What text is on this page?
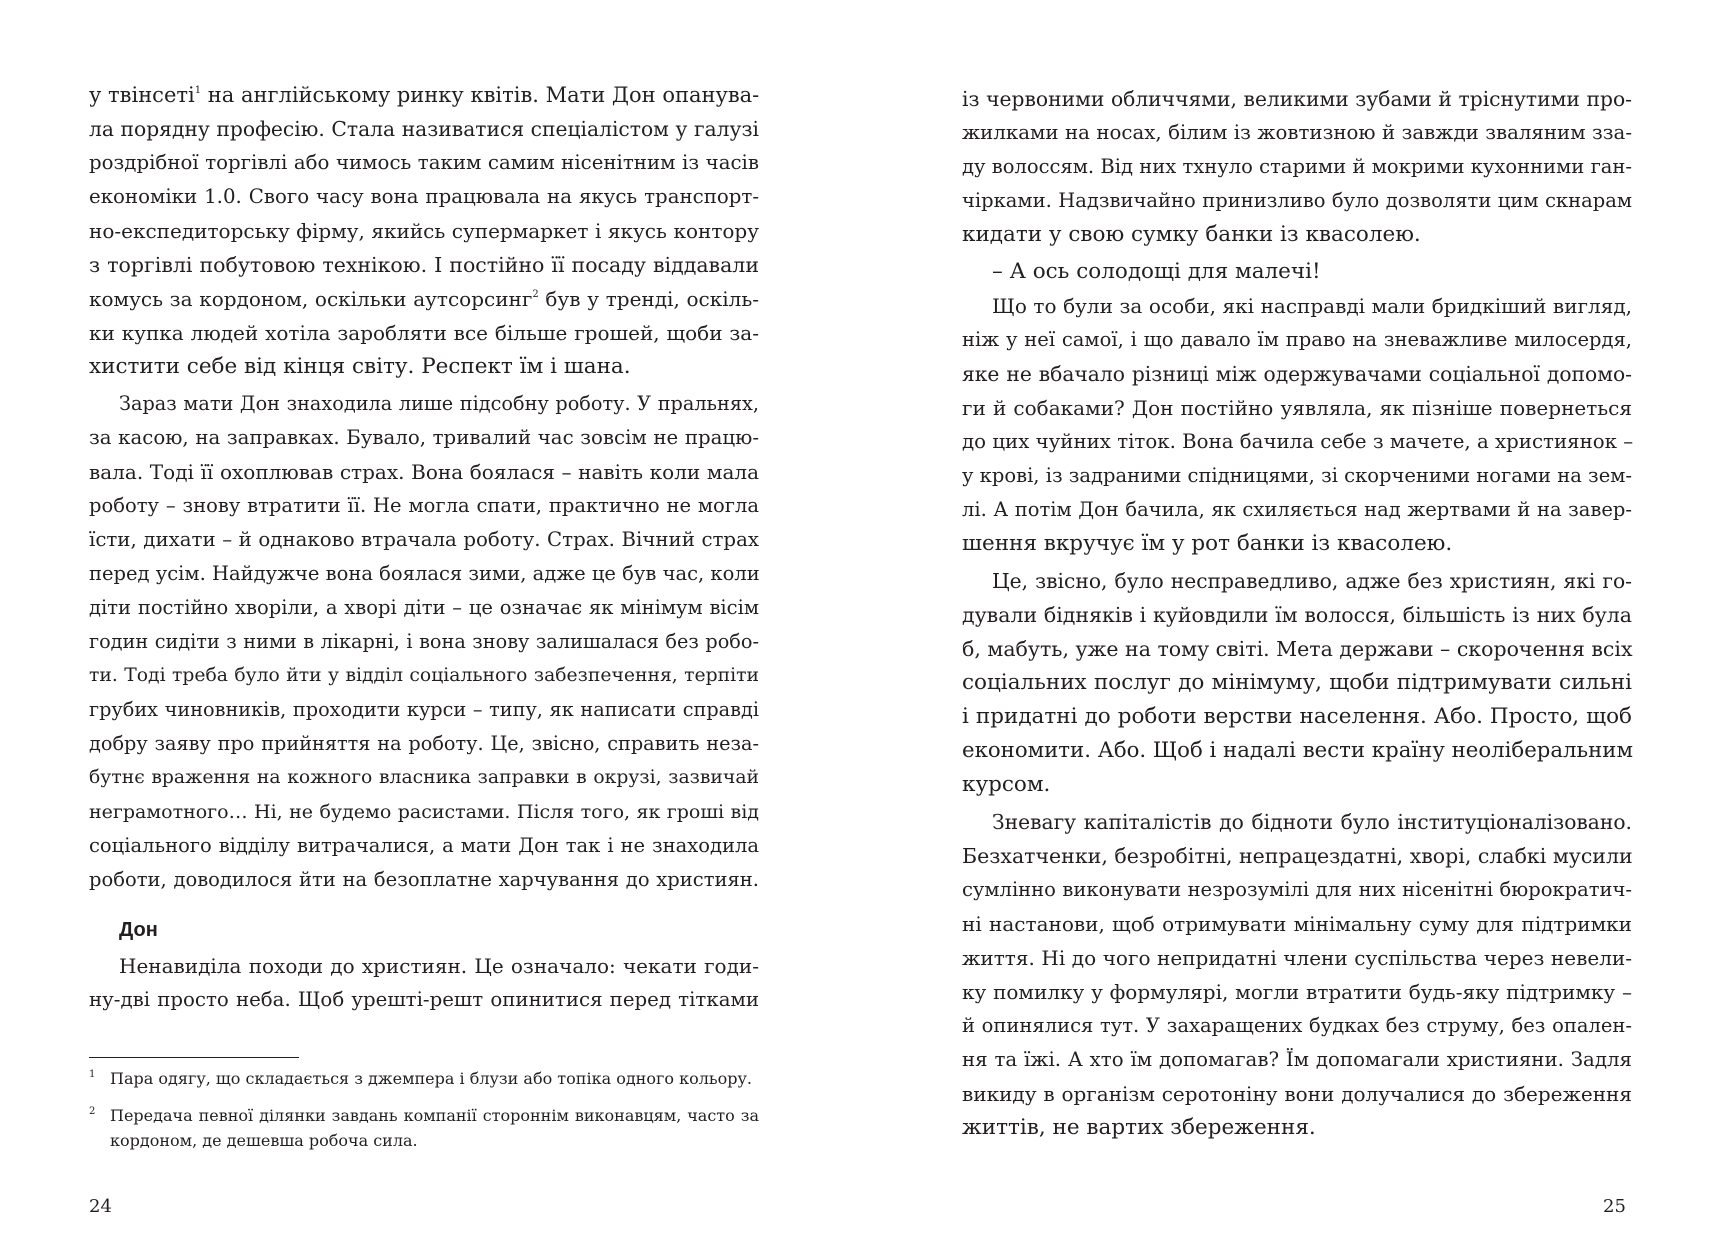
у твінсеті$^1$ на англійському ринку квітів. Мати Дон опанува-
ла порядну професію. Стала називатися спеціалістом у галузі
роздрібної торгівлі або чимось таким самим нісенітним із часів
економіки 1.0. Свого часу вона працювала на якусь транспорт-
но-експедиторську фірму, якийсь супермаркет і якусь контору
з торгівлі побутовою технікою. І постійно її посаду віддавали
комусь за кордоном, оскільки аутсорсинг$^2$ був у тренді, оскіль-
ки купка людей хотіла заробляти все більше грошей, щоби за-
хистити себе від кінця світу. Респект їм і шана.
Зараз мати Дон знаходила лише підсобну роботу. У пральнях,
за касою, на заправках. Бувало, тривалий час зовсім не працю-
вала. Тоді її охоплював страх. Вона боялася – навіть коли мала
роботу – знову втратити її. Не могла спати, практично не могла
їсти, дихати – й однаково втрачала роботу. Страх. Вічний страх
перед усім. Найдужче вона боялася зими, адже це був час, коли
діти постійно хворіли, а хворі діти – це означає як мінімум вісім
годин сидіти з ними в лікарні, і вона знову залишалася без робо-
ти. Тоді треба було йти у відділ соціального забезпечення, терпіти
грубих чиновників, проходити курси – типу, як написати справді
добру заяву про прийняття на роботу. Це, звісно, справить неза-
бутнє враження на кожного власника заправки в окрузі, зазвичай
неграмотного… Ні, не будемо расистами. Після того, як гроші від
соціального відділу витрачалися, а мати Дон так і не знаходила
роботи, доводилося йти на безоплатне харчування до християн.
Дон
Ненавиділа походи до християн. Це означало: чекати годи-
ну-дві просто неба. Щоб урешті-решт опинитися перед тітками
1 Пара одягу, що складається з джемпера і блузи або топіка одного кольору.
2 Передача певної ділянки завдань компанії стороннім виконавцям, часто за
кордоном, де дешевша робоча сила.
24
із червоними обличчями, великими зубами й тріснутими про-
жилками на носах, білим із жовтизною й завжди зваляним зза-
ду волоссям. Від них тхнуло старими й мокрими кухонними ган-
чірками. Надзвичайно принизливо було дозволяти цим скнарам
кидати у свою сумку банки із квасолею.
– А ось солодощі для малечі!
Що то були за особи, які насправді мали бридкіший вигляд,
ніж у неї самої, і що давало їм право на зневажливе милосердя,
яке не вбачало різниці між одержувачами соціальної допомо-
ги й собаками? Дон постійно уявляла, як пізніше повернеться
до цих чуйних тіток. Вона бачила себе з мачете, а християнок –
у крові, із задраними спідницями, зі скорченими ногами на зем-
лі. А потім Дон бачила, як схиляється над жертвами й на завер-
шення вкручує їм у рот банки із квасолею.
Це, звісно, було несправедливо, адже без християн, які го-
дували бідняків і куйовдили їм волосся, більшість із них була
б, мабуть, уже на тому світі. Мета держави – скорочення всіх
соціальних послуг до мінімуму, щоби підтримувати сильні
і придатні до роботи верстви населення. Або. Просто, щоб
економити. Або. Щоб і надалі вести країну неоліберальним
курсом.
Зневагу капіталістів до бідноти було інституціоналізовано.
Безхатченки, безробітні, непрацездатні, хворі, слабкі мусили
сумлінно виконувати незрозумілі для них нісенітні бюрократич-
ні настанови, щоб отримувати мінімальну суму для підтримки
життя. Ні до чого непридатні члени суспільства через невели-
ку помилку у формулярі, могли втратити будь-яку підтримку –
й опинялися тут. У захаращених будках без струму, без опален-
ня та їжі. А хто їм допомагав? Їм допомагали християни. Задля
викиду в організм серотоніну вони долучалися до збереження
життів, не вартих збереження.
25
